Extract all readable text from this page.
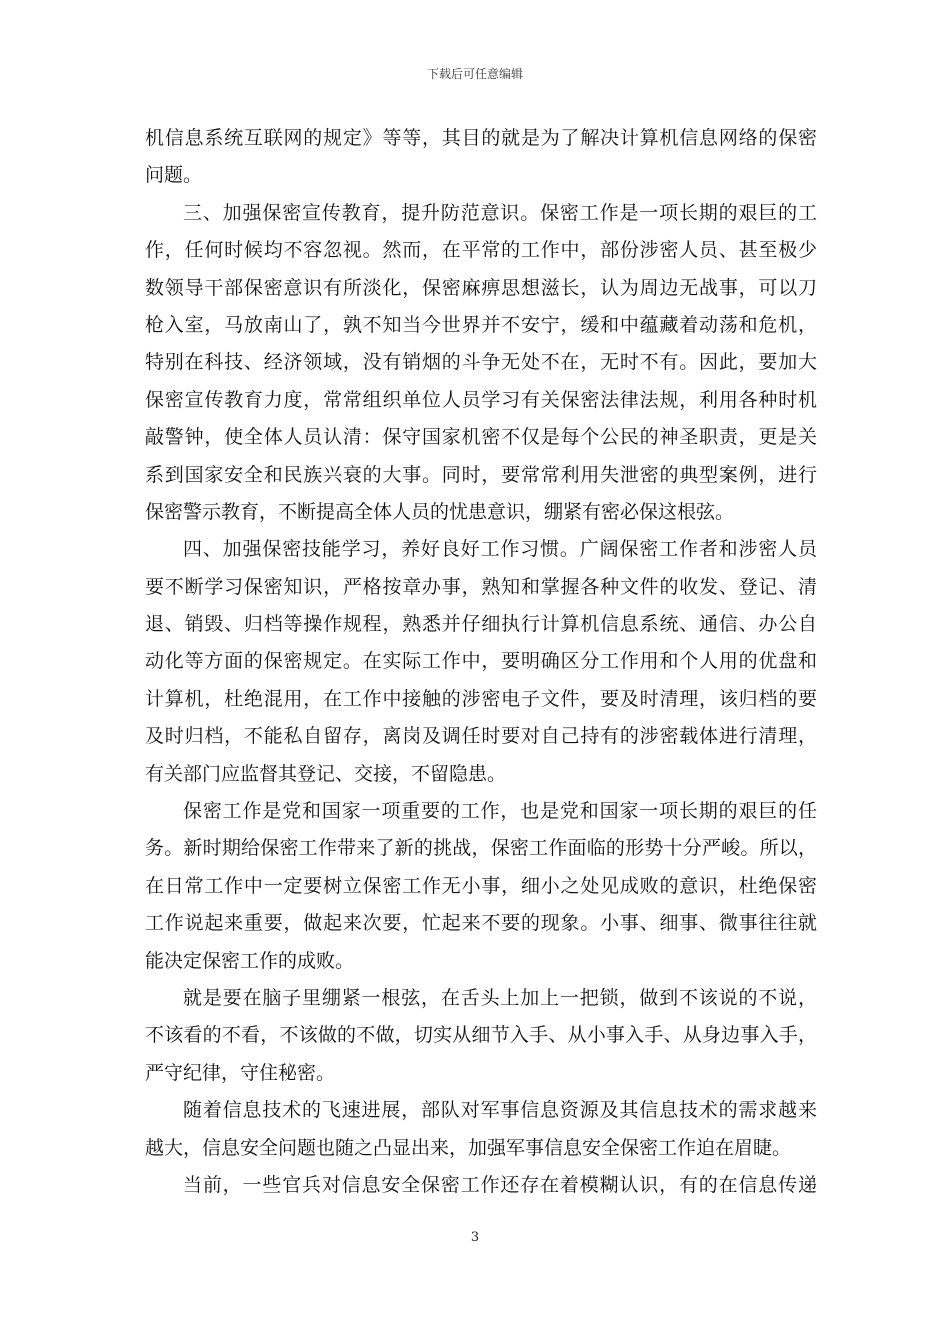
下载后可任意编辑
机信息系统互联网的规定》等等，其目的就是为了解决计算机信息网络的保密
问题。
三、加强保密宣传教育，提升防范意识。保密工作是一项长期的艰巨的工
作，任何时候均不容忽视。然而，在平常的工作中，部份涉密人员、甚至极少
数领导干部保密意识有所淡化，保密麻痹思想滋长，认为周边无战事，可以刀
枪入室，马放南山了，孰不知当今世界并不安宁，缓和中蕴藏着动荡和危机，
特别在科技、经济领域，没有销烟的斗争无处不在，无时不有。因此，要加大
保密宣传教育力度，常常组织单位人员学习有关保密法律法规，利用各种时机
敲警钟，使全体人员认清：保守国家机密不仅是每个公民的神圣职责，更是关
系到国家安全和民族兴衰的大事。同时，要常常利用失泄密的典型案例，进行
保密警示教育，不断提高全体人员的忧患意识，绷紧有密必保这根弦。
四、加强保密技能学习，养好良好工作习惯。广阔保密工作者和涉密人员
要不断学习保密知识，严格按章办事，熟知和掌握各种文件的收发、登记、清
退、销毁、归档等操作规程，熟悉并仔细执行计算机信息系统、通信、办公自
动化等方面的保密规定。在实际工作中，要明确区分工作用和个人用的优盘和
计算机，杜绝混用，在工作中接触的涉密电子文件，要及时清理，该归档的要
及时归档，不能私自留存，离岗及调任时要对自己持有的涉密载体进行清理，
有关部门应监督其登记、交接，不留隐患。
保密工作是党和国家一项重要的工作，也是党和国家一项长期的艰巨的任
务。新时期给保密工作带来了新的挑战，保密工作面临的形势十分严峻。所以，
在日常工作中一定要树立保密工作无小事，细小之处见成败的意识，杜绝保密
工作说起来重要，做起来次要，忙起来不要的现象。小事、细事、微事往往就
能决定保密工作的成败。
就是要在脑子里绷紧一根弦，在舌头上加上一把锁，做到不该说的不说，
不该看的不看，不该做的不做，切实从细节入手、从小事入手、从身边事入手，
严守纪律，守住秘密。
随着信息技术的飞速进展，部队对军事信息资源及其信息技术的需求越来
越大，信息安全问题也随之凸显出来，加强军事信息安全保密工作迫在眉睫。
当前，一些官兵对信息安全保密工作还存在着模糊认识，有的在信息传递
3
